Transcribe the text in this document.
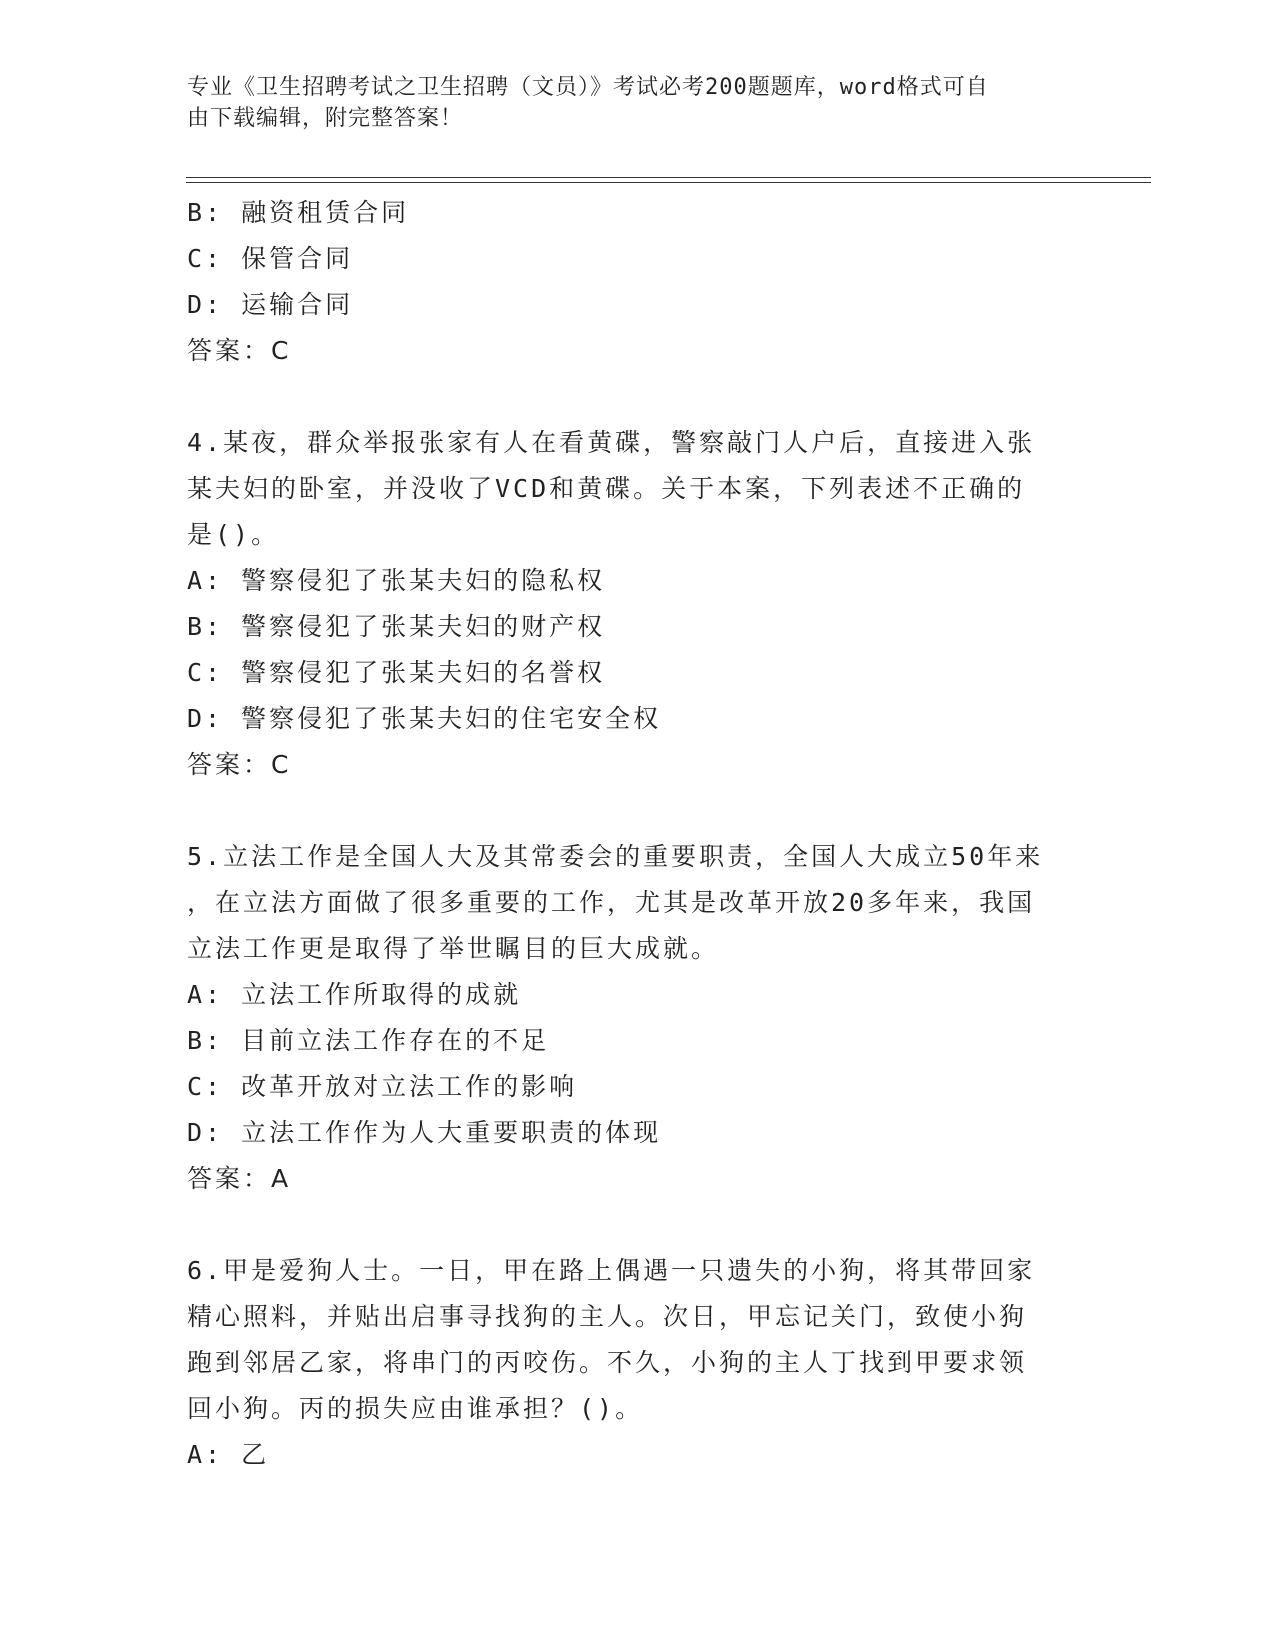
专业《卫生招聘考试之卫生招聘（文员）》考试必考200题题库，word格式可自
由下载编辑，附完整答案！
B: 融资租赁合同
C: 保管合同
D: 运输合同
答案：C
4.某夜，群众举报张家有人在看黄碟，警察敲门人户后，直接进入张
某夫妇的卧室，并没收了VCD和黄碟。关于本案，下列表述不正确的
是()。
A: 警察侵犯了张某夫妇的隐私权
B: 警察侵犯了张某夫妇的财产权
C: 警察侵犯了张某夫妇的名誉权
D: 警察侵犯了张某夫妇的住宅安全权
答案：C
5.立法工作是全国人大及其常委会的重要职责，全国人大成立50年来
，在立法方面做了很多重要的工作，尤其是改革开放20多年来，我国
立法工作更是取得了举世瞩目的巨大成就。
A: 立法工作所取得的成就
B: 目前立法工作存在的不足
C: 改革开放对立法工作的影响
D: 立法工作作为人大重要职责的体现
答案：A
6.甲是爱狗人士。一日，甲在路上偶遇一只遗失的小狗，将其带回家
精心照料，并贴出启事寻找狗的主人。次日，甲忘记关门，致使小狗
跑到邻居乙家，将串门的丙咬伤。不久，小狗的主人丁找到甲要求领
回小狗。丙的损失应由谁承担？()。
A: 乙
